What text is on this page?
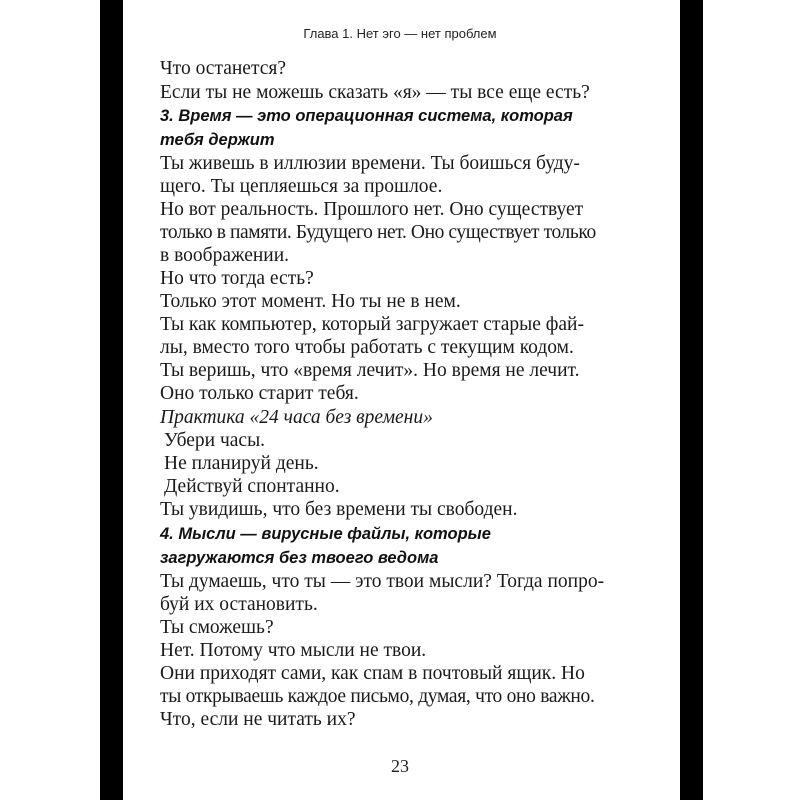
Глава 1. Нет эго — нет проблем
Что останется?
Если ты не можешь сказать «я» — ты все еще есть?
3. Время — это операционная система, которая
тебя держит
Ты живешь в иллюзии времени. Ты боишься буду-
щего. Ты цепляешься за прошлое.
Но вот реальность. Прошлого нет. Оно существует
только в памяти. Будущего нет. Оно существует только
в воображении.
Но что тогда есть?
Только этот момент. Но ты не в нем.
Ты как компьютер, который загружает старые фай-
лы, вместо того чтобы работать с текущим кодом.
Ты веришь, что «время лечит». Но время не лечит.
Оно только старит тебя.
Практика «24 часа без времени»
Убери часы.
Не планируй день.
Действуй спонтанно.
Ты увидишь, что без времени ты свободен.
4. Мысли — вирусные файлы, которые
загружаются без твоего ведома
Ты думаешь, что ты — это твои мысли? Тогда попро-
буй их остановить.
Ты сможешь?
Нет. Потому что мысли не твои.
Они приходят сами, как спам в почтовый ящик. Но
ты открываешь каждое письмо, думая, что оно важно.
Что, если не читать их?
23
